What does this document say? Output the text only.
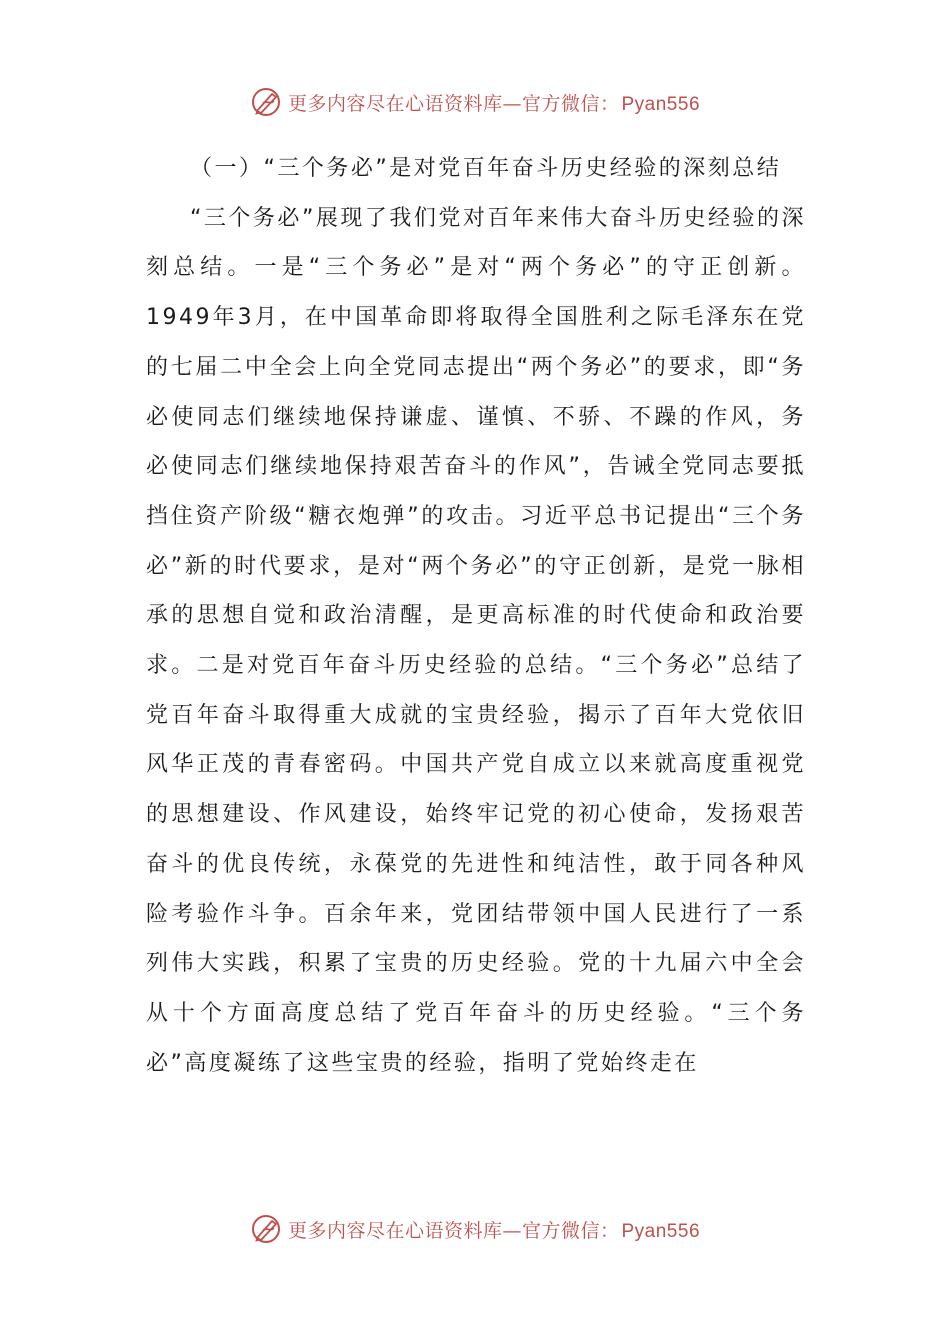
更多内容尽在心语资料库—官方微信： Pyan556

（一）“三个务必”是对党百年奋斗历史经验的深刻总结

“三个务必”展现了我们党对百年来伟大奋斗历史经验的深刻总结。一是“三个务必”是对“两个务必”的守正创新。1949年3月，在中国革命即将取得全国胜利之际毛泽东在党的七届二中全会上向全党同志提出“两个务必”的要求，即“务必使同志们继续地保持谦虚、谨慎、不骄、不躁的作风，务必使同志们继续地保持艰苦奋斗的作风”，告诫全党同志要抵挡住资产阶级“糖衣炮弹”的攻击。习近平总书记提出“三个务必”新的时代要求，是对“两个务必”的守正创新，是党一脉相承的思想自觉和政治清醒，是更高标准的时代使命和政治要求。二是对党百年奋斗历史经验的总结。“三个务必”总结了党百年奋斗取得重大成就的宝贵经验，揭示了百年大党依旧风华正茂的青春密码。中国共产党自成立以来就高度重视党的思想建设、作风建设，始终牢记党的初心使命，发扬艰苦奋斗的优良传统，永葆党的先进性和纯洁性，敢于同各种风险考验作斗争。百余年来，党团结带领中国人民进行了一系列伟大实践，积累了宝贵的历史经验。党的十九届六中全会从十个方面高度总结了党百年奋斗的历史经验。“三个务必”高度凝练了这些宝贵的经验，指明了党始终走在

更多内容尽在心语资料库—官方微信： Pyan556
